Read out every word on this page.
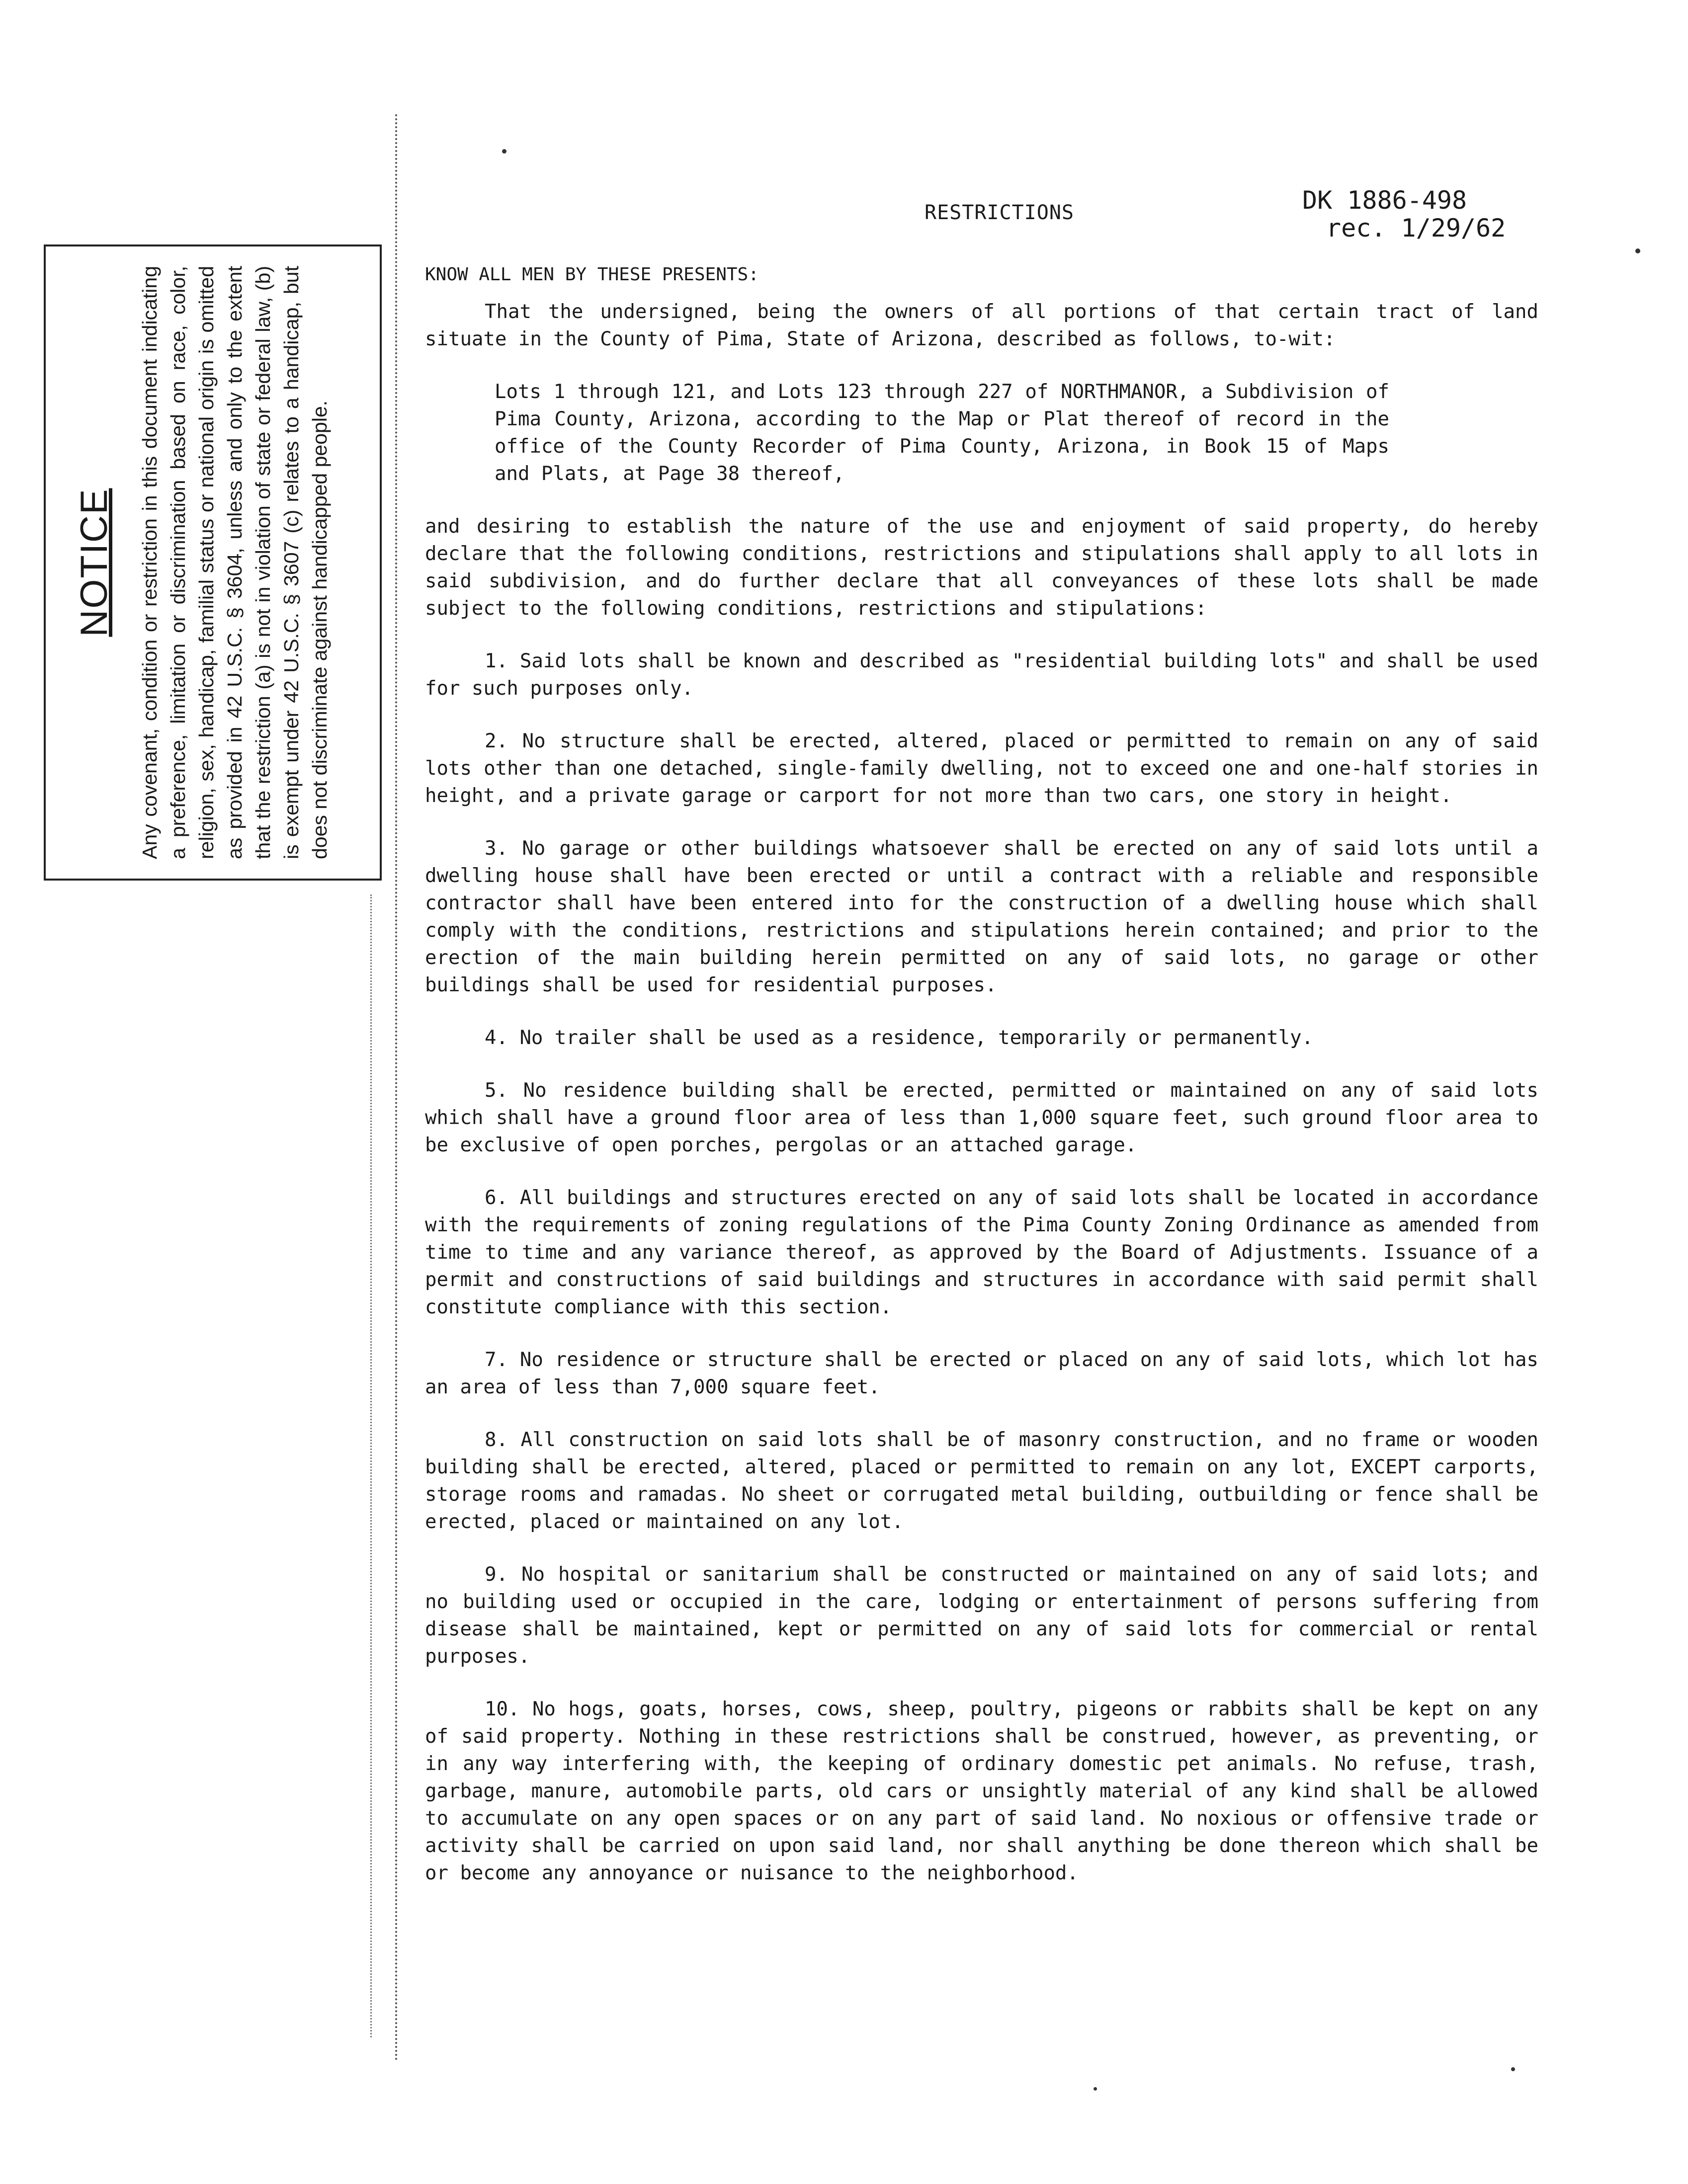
RESTRICTIONS	DK 1886-498
rec. 1/29/62
NOTICE Any covenant, condition or restriction in this document indicating a preference, limitation or discrimination based on race, color, religion, sex, handicap, familial status or national origin is omitted as provided in 42 U.S.C. § 3604, unless and only to the extent that the restriction (a) is not in violation of state or federal law, (b) is exempt under 42 U.S.C. § 3607 (c) relates to a handicap, but does not discriminate against handicapped people.
KNOW ALL MEN BY THESE PRESENTS:

That the undersigned, being the owners of all portions of that certain tract of land situate in the County of Pima, State of Arizona, described as follows, to-wit:

Lots 1 through 121, and Lots 123 through 227 of NORTHMANOR, a Subdivision of Pima County, Arizona, according to the Map or Plat thereof of record in the office of the County Recorder of Pima County, Arizona, in Book 15 of Maps and Plats, at Page 38 thereof,

and desiring to establish the nature of the use and enjoyment of said property, do hereby declare that the following conditions, restrictions and stipulations shall apply to all lots in said subdivision, and do further declare that all conveyances of these lots shall be made subject to the following conditions, restrictions and stipulations:

1. Said lots shall be known and described as "residential building lots" and shall be used for such purposes only.

2. No structure shall be erected, altered, placed or permitted to remain on any of said lots other than one detached, single-family dwelling, not to exceed one and one-half stories in height, and a private garage or carport for not more than two cars, one story in height.

3. No garage or other buildings whatsoever shall be erected on any of said lots until a dwelling house shall have been erected or until a contract with a reliable and responsible contractor shall have been entered into for the construction of a dwelling house which shall comply with the conditions, restrictions and stipulations herein contained; and prior to the erection of the main building herein permitted on any of said lots, no garage or other buildings shall be used for residential purposes.

4. No trailer shall be used as a residence, temporarily or permanently.

5. No residence building shall be erected, permitted or maintained on any of said lots which shall have a ground floor area of less than 1,000 square feet, such ground floor area to be exclusive of open porches, pergolas or an attached garage.

6. All buildings and structures erected on any of said lots shall be located in accordance with the requirements of zoning regulations of the Pima County Zoning Ordinance as amended from time to time and any variance thereof, as approved by the Board of Adjustments. Issuance of a permit and constructions of said buildings and structures in accordance with said permit shall constitute compliance with this section.

7. No residence or structure shall be erected or placed on any of said lots, which lot has an area of less than 7,000 square feet.

8. All construction on said lots shall be of masonry construction, and no frame or wooden building shall be erected, altered, placed or permitted to remain on any lot, EXCEPT carports, storage rooms and ramadas. No sheet or corrugated metal building, outbuilding or fence shall be erected, placed or maintained on any lot.

9. No hospital or sanitarium shall be constructed or maintained on any of said lots; and no building used or occupied in the care, lodging or entertainment of persons suffering from disease shall be maintained, kept or permitted on any of said lots for commercial or rental purposes.

10. No hogs, goats, horses, cows, sheep, poultry, pigeons or rabbits shall be kept on any of said property. Nothing in these restrictions shall be construed, however, as preventing, or in any way interfering with, the keeping of ordinary domestic pet animals. No refuse, trash, garbage, manure, automobile parts, old cars or unsightly material of any kind shall be allowed to accumulate on any open spaces or on any part of said land. No noxious or offensive trade or activity shall be carried on upon said land, nor shall anything be done thereon which shall be or become any annoyance or nuisance to the neighborhood.
